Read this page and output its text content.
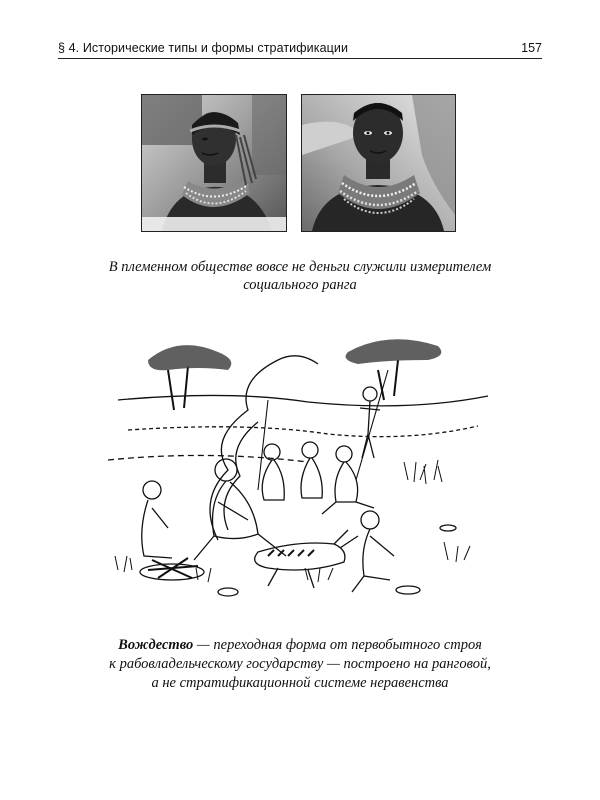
§ 4. Исторические типы и формы стратификации	157
В племенном обществе вовсе не деньги служили измерителем
социального ранга
Вождество — переходная форма от первобытного строя
к рабовладельческому государству — построено на ранговой,
а не стратификационной системе неравенства
